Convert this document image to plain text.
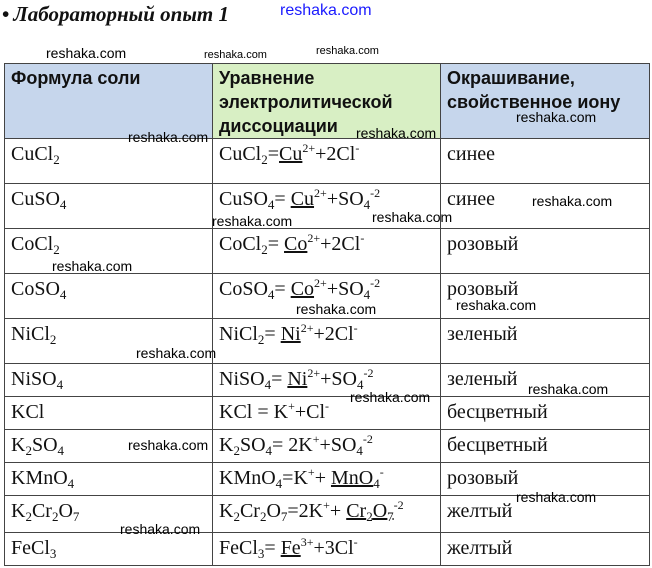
• Лабораторный опыт 1
Формула соли	Уравнение электролитической диссоциации	Окрашивание, свойственное иону
CuCl$_2$	$CuCl_2=Cu^{2+}+2Cl^-$	синее
CuSO$_4$	CuSO$_4$= $Cu^{2+}+SO_4^{-2}$	синее
CoCl$_2$	CoCl$_2$= $Co^{2+}+2Cl^-$	розовый
CoSO$_4$	CoSO$_4$= $Co^{2+}+SO_4^{-2}$	розовый
NiCl$_2$	NiCl$_2$= $Ni^{2+}+2Cl^-$	зеленый
NiSO$_4$	NiSO$_4$= $Ni^{2+}+SO_4^{-2}$	зеленый
KCl	KCl = K++Cl-	бесцветный
$K_2SO_4$	$K_2SO_4= 2K^++SO_4^{-2}$	бесцветный
KMnO$_4$	KMnO$_4$=K++ MnO$_4$-	розовый
$K_2Cr_2O_7$	$K_2Cr_2O_7=2K^++ Cr_2O_7^{-2}$	желтый
FeCl$_3$	FeCl$_3$= $Fe^{3+}+3Cl^-$	желтый
reshaka.com
reshaka.com	reshaka.com	reshaka.com
reshaka.com
reshaka.com	reshaka.com
reshaka.com
reshaka.com
reshaka.com
reshaka.com
reshaka.com
reshaka.com
reshaka.com
reshaka.com
reshaka.com
reshaka.com
reshaka.com
reshaka.com
